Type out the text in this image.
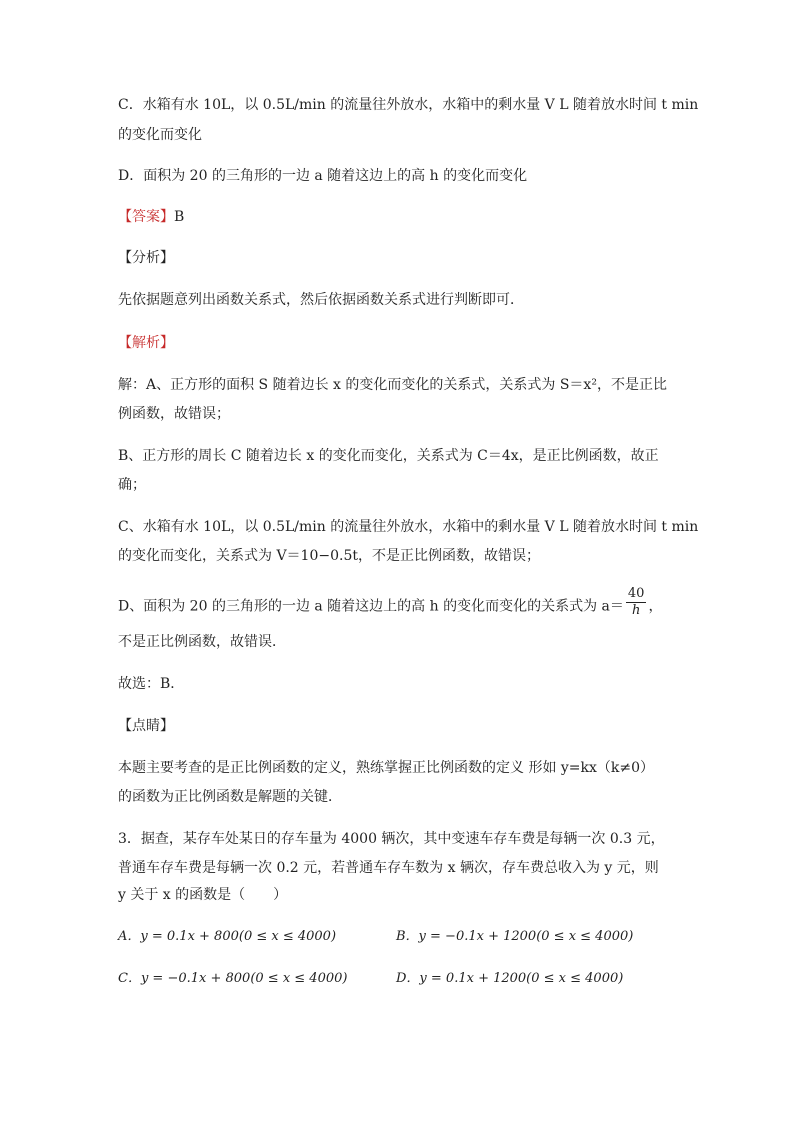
C．水箱有水 10L，以 0.5L/min 的流量往外放水，水箱中的剩水量 V L 随着放水时间 t min
的变化而变化
D．面积为 20 的三角形的一边 a 随着这边上的高 h 的变化而变化
【答案】B
【分析】
先依据题意列出函数关系式，然后依据函数关系式进行判断即可．
【解析】
解：A、正方形的面积 S 随着边长 x 的变化而变化的关系式，关系式为 S＝x²，不是正比
例函数，故错误；
B、正方形的周长 C 随着边长 x 的变化而变化，关系式为 C＝4x，是正比例函数，故正
确；
C、水箱有水 10L，以 0.5L/min 的流量往外放水，水箱中的剩水量 V L 随着放水时间 t min
的变化而变化，关系式为 V＝10−0.5t，不是正比例函数，故错误；
D、面积为 20 的三角形的一边 a 随着这边上的高 h 的变化而变化的关系式为 $a= \frac{40}{h}$ ，
不是正比例函数，故错误．
故选：B．
【点睛】
本题主要考查的是正比例函数的定义，熟练掌握正比例函数的定义 形如 y=kx（k≠0）
的函数为正比例函数是解题的关键．
3．据查，某存车处某日的存车量为 4000 辆次，其中变速车存车费是每辆一次 0.3 元，
普通车存车费是每辆一次 0.2 元，若普通车存车数为 x 辆次，存车费总收入为 y 元，则
y 关于 x 的函数是（　　）
A．y = 0.1x + 800(0 ≤ x ≤ 4000)	B．y = −0.1x + 1200(0 ≤ x ≤ 4000)
C．y = −0.1x + 800(0 ≤ x ≤ 4000)	D．y = 0.1x + 1200(0 ≤ x ≤ 4000)
